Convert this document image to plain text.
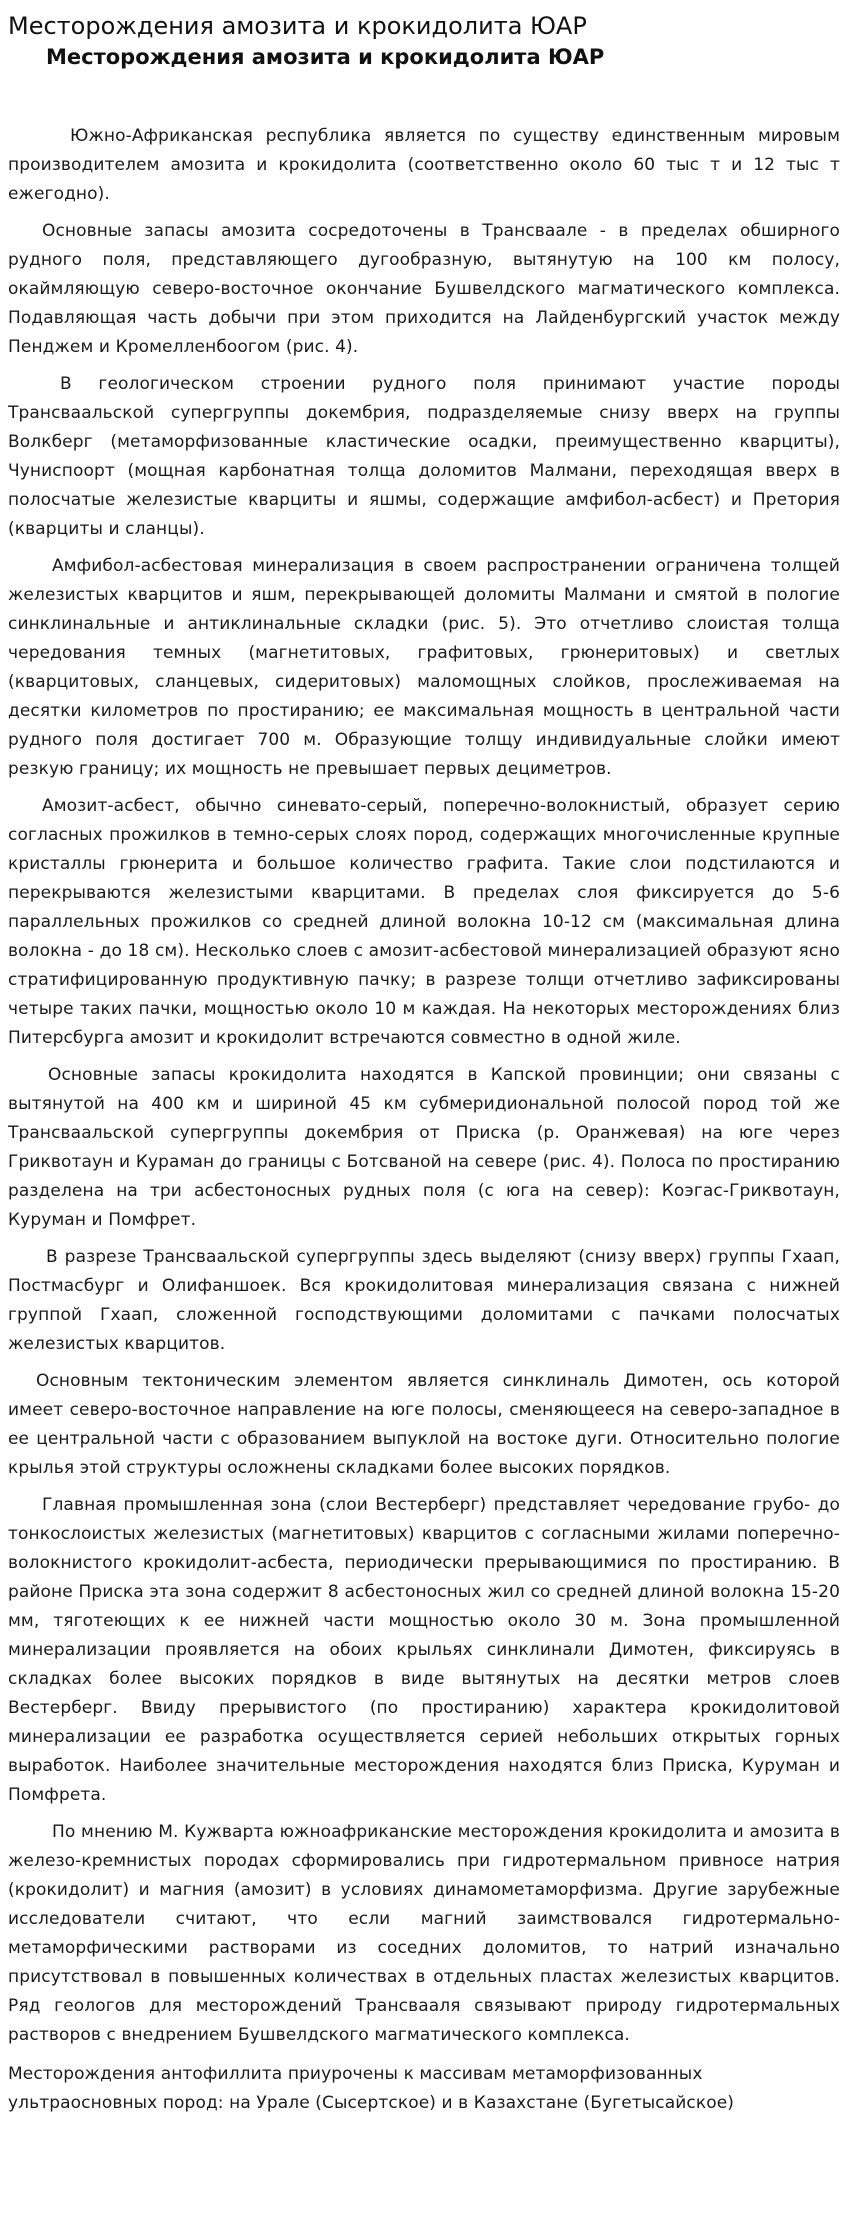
Месторождения амозита и крокидолита ЮАР
Месторождения амозита и крокидолита ЮАР

Южно-Африканская республика является по существу единственным мировым производителем амозита и крокидолита (соответственно около 60 тыс т и 12 тыс т ежегодно).

Основные запасы амозита сосредоточены в Трансваале - в пределах обширного рудного поля, представляющего дугообразную, вытянутую на 100 км полосу, окаймляющую северо-восточное окончание Бушвелдского магматического комплекса. Подавляющая часть добычи при этом приходится на Лайденбургский участок между Пенджем и Кромелленбоогом (рис. 4).

В геологическом строении рудного поля принимают участие породы Трансваальской супергруппы докембрия, подразделяемые снизу вверх на группы Волкберг (метаморфизованные кластические осадки, преимущественно кварциты), Чуниспоорт (мощная карбонатная толща доломитов Малмани, переходящая вверх в полосчатые железистые кварциты и яшмы, содержащие амфибол-асбест) и Претория (кварциты и сланцы).

Амфибол-асбестовая минерализация в своем распространении ограничена толщей железистых кварцитов и яшм, перекрывающей доломиты Малмани и смятой в пологие синклинальные и антиклинальные складки (рис. 5). Это отчетливо слоистая толща чередования темных (магнетитовых, графитовых, грюнеритовых) и светлых (кварцитовых, сланцевых, сидеритовых) маломощных слойков, прослеживаемая на десятки километров по простиранию; ее максимальная мощность в центральной части рудного поля достигает 700 м. Образующие толщу индивидуальные слойки имеют резкую границу; их мощность не превышает первых дециметров.

Амозит-асбест, обычно синевато-серый, поперечно-волокнистый, образует серию согласных прожилков в темно-серых слоях пород, содержащих многочисленные крупные кристаллы грюнерита и большое количество графита. Такие слои подстилаются и перекрываются железистыми кварцитами. В пределах слоя фиксируется до 5-6 параллельных прожилков со средней длиной волокна 10-12 см (максимальная длина волокна - до 18 см). Несколько слоев с амозит-асбестовой минерализацией образуют ясно стратифицированную продуктивную пачку; в разрезе толщи отчетливо зафиксированы четыре таких пачки, мощностью около 10 м каждая. На некоторых месторождениях близ Питерсбурга амозит и крокидолит встречаются совместно в одной жиле.

Основные запасы крокидолита находятся в Капской провинции; они связаны с вытянутой на 400 км и шириной 45 км субмеридиональной полосой пород той же Трансваальской супергруппы докембрия от Приска (р. Оранжевая) на юге через Гриквотаун и Кураман до границы с Ботсваной на севере (рис. 4). Полоса по простиранию разделена на три асбестоносных рудных поля (с юга на север): Коэгас-Гриквотаун, Куруман и Помфрет.

В разрезе Трансваальской супергруппы здесь выделяют (снизу вверх) группы Гхаап, Постмасбург и Олифаншоек. Вся крокидолитовая минерализация связана с нижней группой Гхаап, сложенной господствующими доломитами с пачками полосчатых железистых кварцитов.

Основным тектоническим элементом является синклиналь Димотен, ось которой имеет северо-восточное направление на юге полосы, сменяющееся на северо-западное в ее центральной части с образованием выпуклой на востоке дуги. Относительно пологие крылья этой структуры осложнены складками более высоких порядков.

Главная промышленная зона (слои Вестерберг) представляет чередование грубо- до тонкослоистых железистых (магнетитовых) кварцитов с согласными жилами поперечно-волокнистого крокидолит-асбеста, периодически прерывающимися по простиранию. В районе Приска эта зона содержит 8 асбестоносных жил со средней длиной волокна 15-20 мм, тяготеющих к ее нижней части мощностью около 30 м. Зона промышленной минерализации проявляется на обоих крыльях синклинали Димотен, фиксируясь в складках более высоких порядков в виде вытянутых на десятки метров слоев Вестерберг. Ввиду прерывистого (по простиранию) характера крокидолитовой минерализации ее разработка осуществляется серией небольших открытых горных выработок. Наиболее значительные месторождения находятся близ Приска, Куруман и Помфрета.

По мнению М. Кужварта южноафриканские месторождения крокидолита и амозита в железо-кремнистых породах сформировались при гидротермальном привносе натрия (крокидолит) и магния (амозит) в условиях динамометаморфизма. Другие зарубежные исследователи считают, что если магний заимствовался гидротермально-метаморфическими растворами из соседних доломитов, то натрий изначально присутствовал в повышенных количествах в отдельных пластах железистых кварцитов. Ряд геологов для месторождений Трансвааля связывают природу гидротермальных растворов с внедрением Бушвелдского магматического комплекса.

Месторождения антофиллита приурочены к массивам метаморфизованных ультраосновных пород: на Урале (Сысертское) и в Казахстане (Бугетысайское)
